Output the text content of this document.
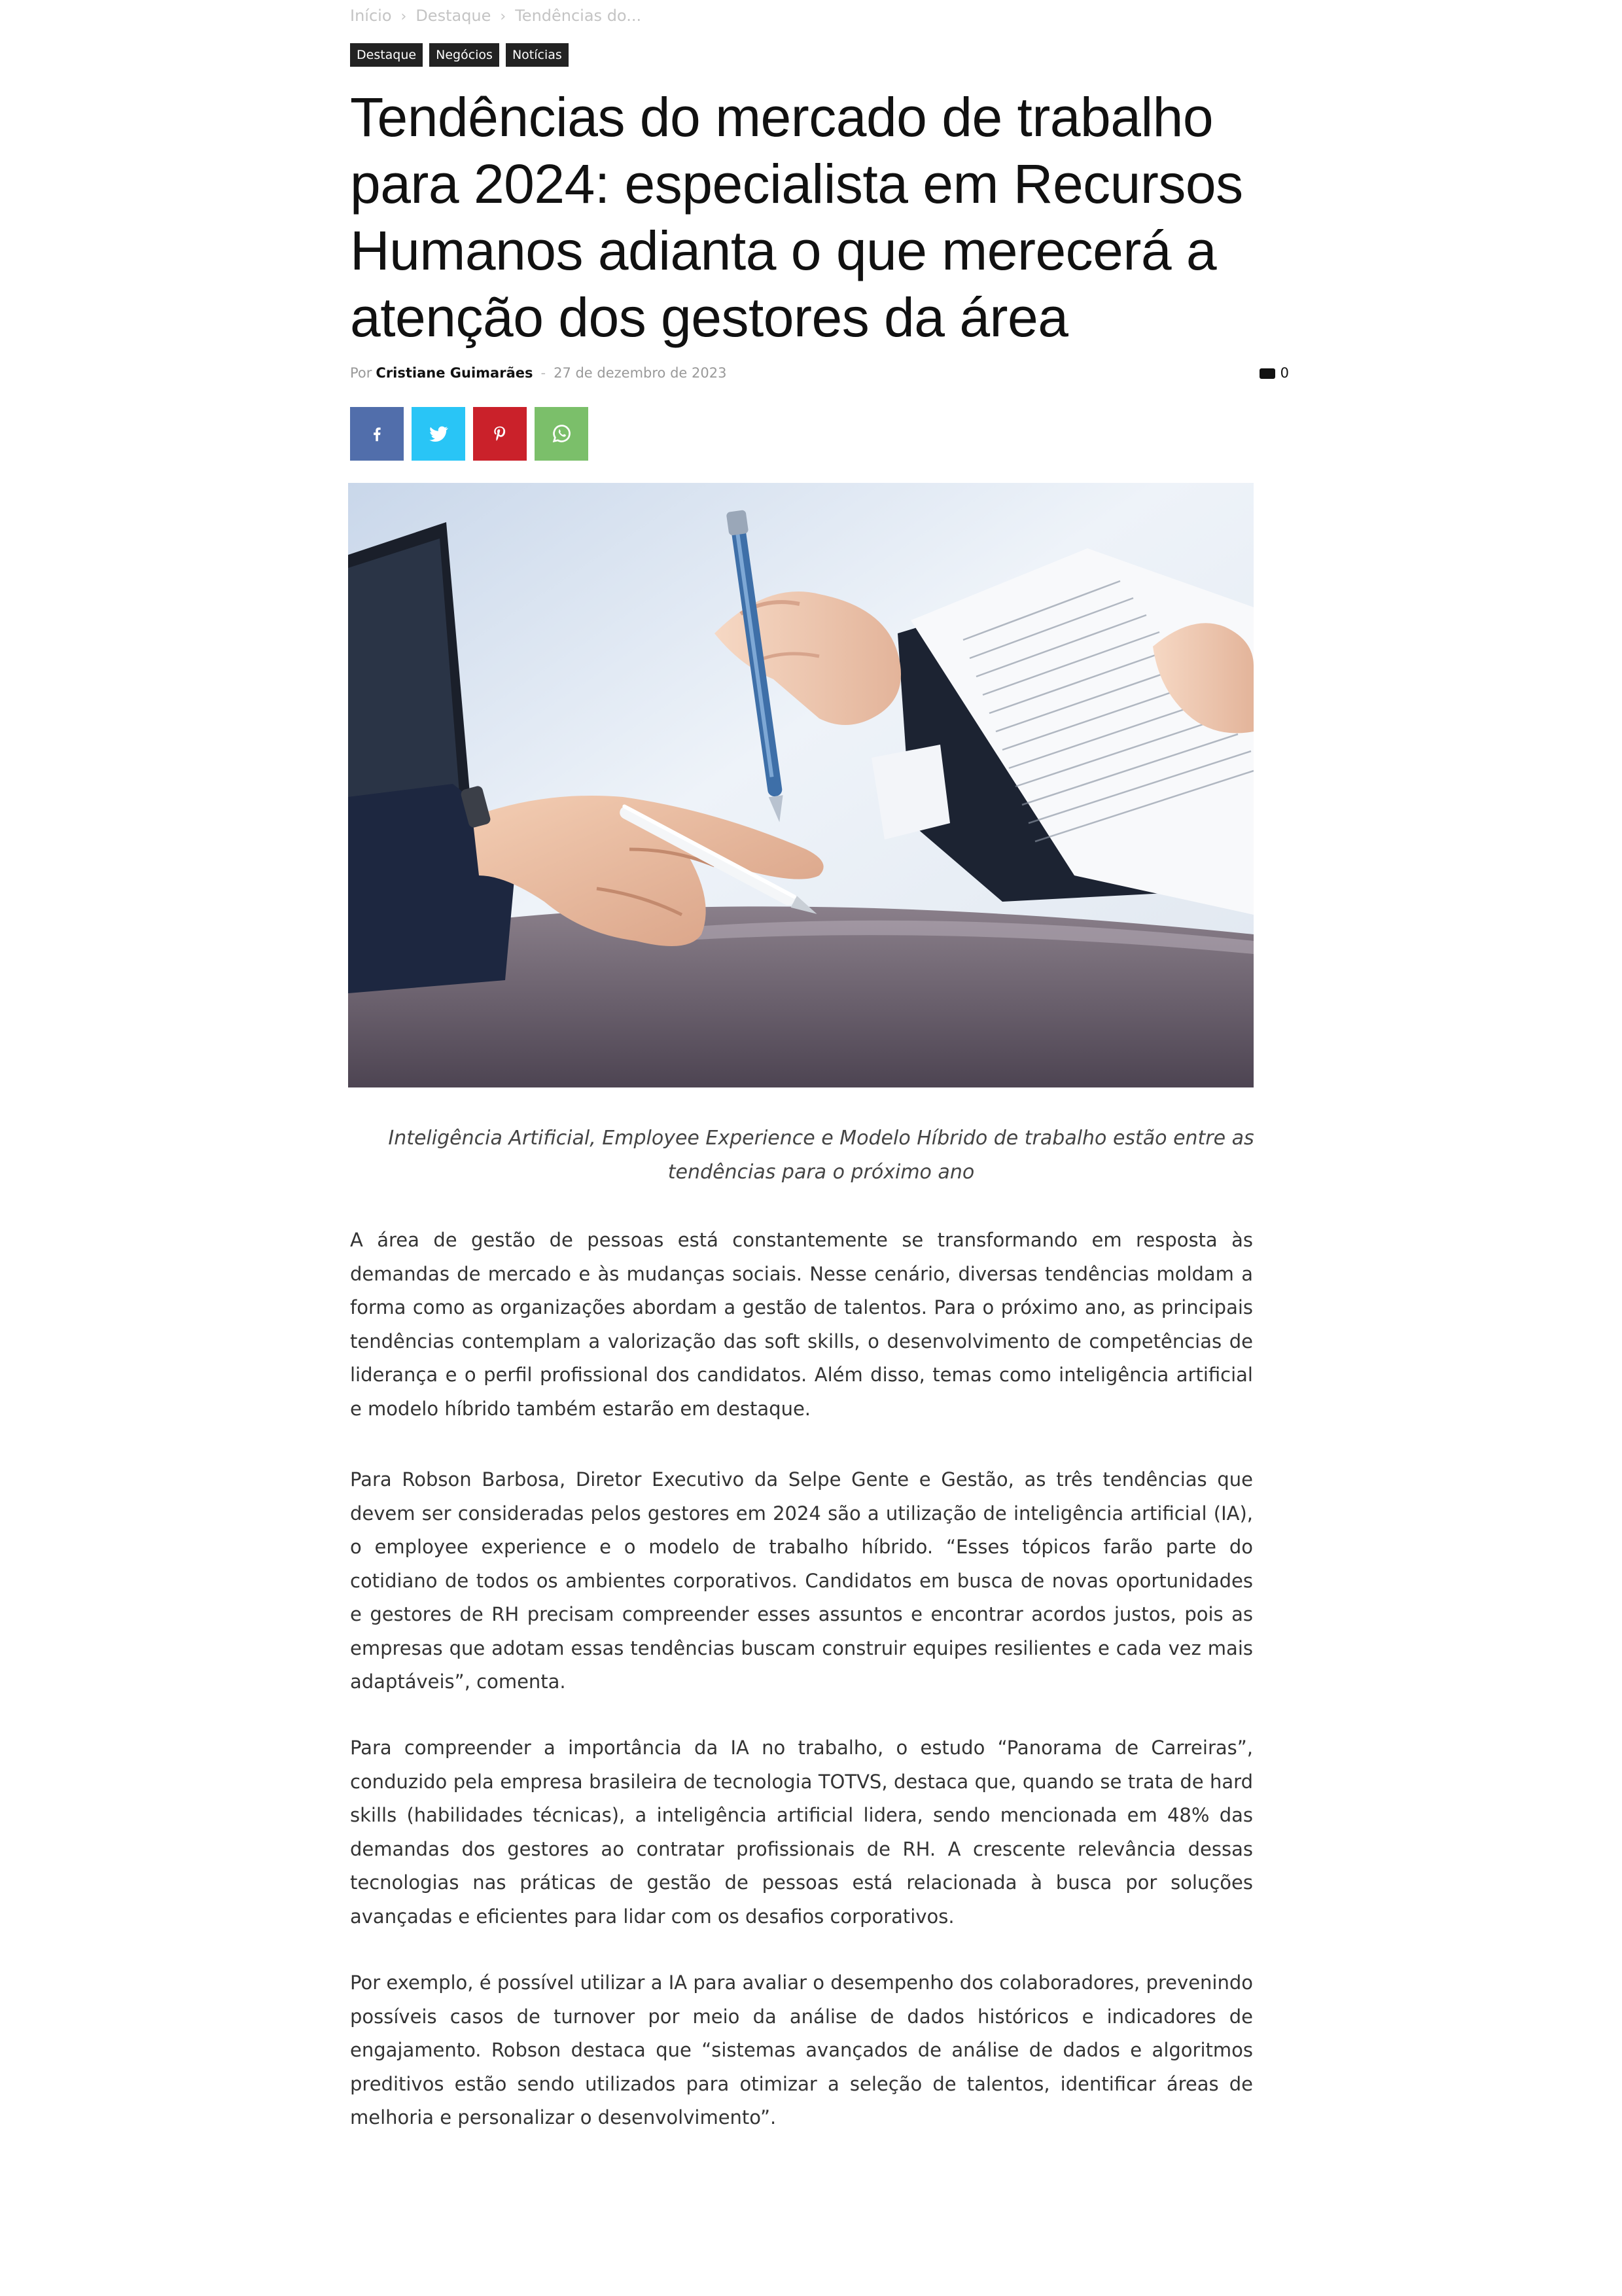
Início › Destaque › Tendências do...
Destaque	Negócios	Notícias
Tendências do mercado de trabalho para 2024: especialista em Recursos Humanos adianta o que merecerá a atenção dos gestores da área
Por Cristiane Guimarães - 27 de dezembro de 2023	0
Inteligência Artificial, Employee Experience e Modelo Híbrido de trabalho estão entre as tendências para o próximo ano

A área de gestão de pessoas está constantemente se transformando em resposta às demandas de mercado e às mudanças sociais. Nesse cenário, diversas tendências moldam a forma como as organizações abordam a gestão de talentos. Para o próximo ano, as principais tendências contemplam a valorização das soft skills, o desenvolvimento de competências de liderança e o perfil profissional dos candidatos. Além disso, temas como inteligência artificial e modelo híbrido também estarão em destaque.

Para Robson Barbosa, Diretor Executivo da Selpe Gente e Gestão, as três tendências que devem ser consideradas pelos gestores em 2024 são a utilização de inteligência artificial (IA), o employee experience e o modelo de trabalho híbrido. “Esses tópicos farão parte do cotidiano de todos os ambientes corporativos. Candidatos em busca de novas oportunidades e gestores de RH precisam compreender esses assuntos e encontrar acordos justos, pois as empresas que adotam essas tendências buscam construir equipes resilientes e cada vez mais adaptáveis”, comenta.

Para compreender a importância da IA no trabalho, o estudo “Panorama de Carreiras”, conduzido pela empresa brasileira de tecnologia TOTVS, destaca que, quando se trata de hard skills (habilidades técnicas), a inteligência artificial lidera, sendo mencionada em 48% das demandas dos gestores ao contratar profissionais de RH. A crescente relevância dessas tecnologias nas práticas de gestão de pessoas está relacionada à busca por soluções avançadas e eficientes para lidar com os desafios corporativos.

Por exemplo, é possível utilizar a IA para avaliar o desempenho dos colaboradores, prevenindo possíveis casos de turnover por meio da análise de dados históricos e indicadores de engajamento. Robson destaca que “sistemas avançados de análise de dados e algoritmos preditivos estão sendo utilizados para otimizar a seleção de talentos, identificar áreas de melhoria e personalizar o desenvolvimento”.
